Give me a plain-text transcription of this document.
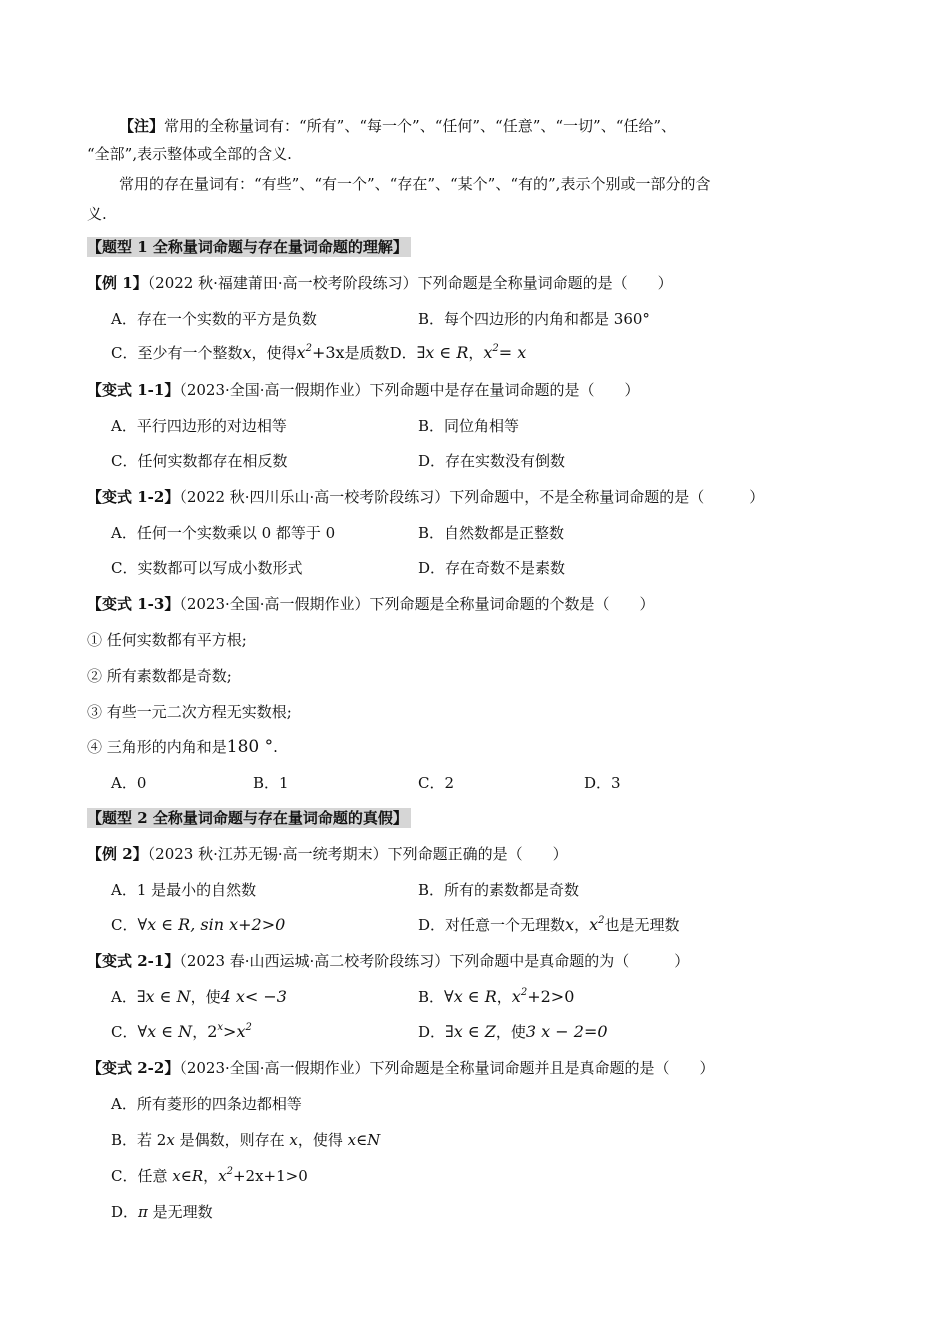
【注】常用的全称量词有：“所有”、“每一个”、“任何”、“任意”、“一切”、“任给”、
“全部”,表示整体或全部的含义.
常用的存在量词有：“有些”、“有一个”、“存在”、“某个”、“有的”,表示个别或一部分的含
义.
【题型 1 全称量词命题与存在量词命题的理解】
【例 1】（2022 秋·福建莆田·高一校考阶段练习）下列命题是全称量词命题的是（　　）
A．存在一个实数的平方是负数	B．每个四边形的内角和都是 360°
C．至少有一个整数x，使得$x^2+3x$是质数D．∃x ∈ R，$x^2= x$
【变式 1-1】（2023·全国·高一假期作业）下列命题中是存在量词命题的是（　　）
A．平行四边形的对边相等	B．同位角相等
C．任何实数都存在相反数	D．存在实数没有倒数
【变式 1-2】（2022 秋·四川乐山·高一校考阶段练习）下列命题中，不是全称量词命题的是（　　　）
A．任何一个实数乘以 0 都等于 0	B．自然数都是正整数
C．实数都可以写成小数形式	D．存在奇数不是素数
【变式 1-3】（2023·全国·高一假期作业）下列命题是全称量词命题的个数是（　　）
① 任何实数都有平方根;
② 所有素数都是奇数;
③ 有些一元二次方程无实数根;
④ 三角形的内角和是180 °.
A．0	B．1	C．2	D．3
【题型 2 全称量词命题与存在量词命题的真假】
【例 2】（2023 秋·江苏无锡·高一统考期末）下列命题正确的是（　　）
A．1 是最小的自然数	B．所有的素数都是奇数
C．∀x ∈ R, sin x+2>0	D．对任意一个无理数x，$x^2$也是无理数
【变式 2-1】（2023 春·山西运城·高二校考阶段练习）下列命题中是真命题的为（　　　）
A．∃x ∈ N，使4 x< −3	B．∀x ∈ R，$x^2+2>0$
C．∀x ∈ N，$2^x>x^2$	D．∃x ∈ Z，使3 x − 2=0
【变式 2-2】（2023·全国·高一假期作业）下列命题是全称量词命题并且是真命题的是（　　）
A．所有菱形的四条边都相等
B．若 2x 是偶数，则存在 x，使得 x∈N
C．任意 x∈R，$x^2+2x+1>0$
D．π 是无理数
